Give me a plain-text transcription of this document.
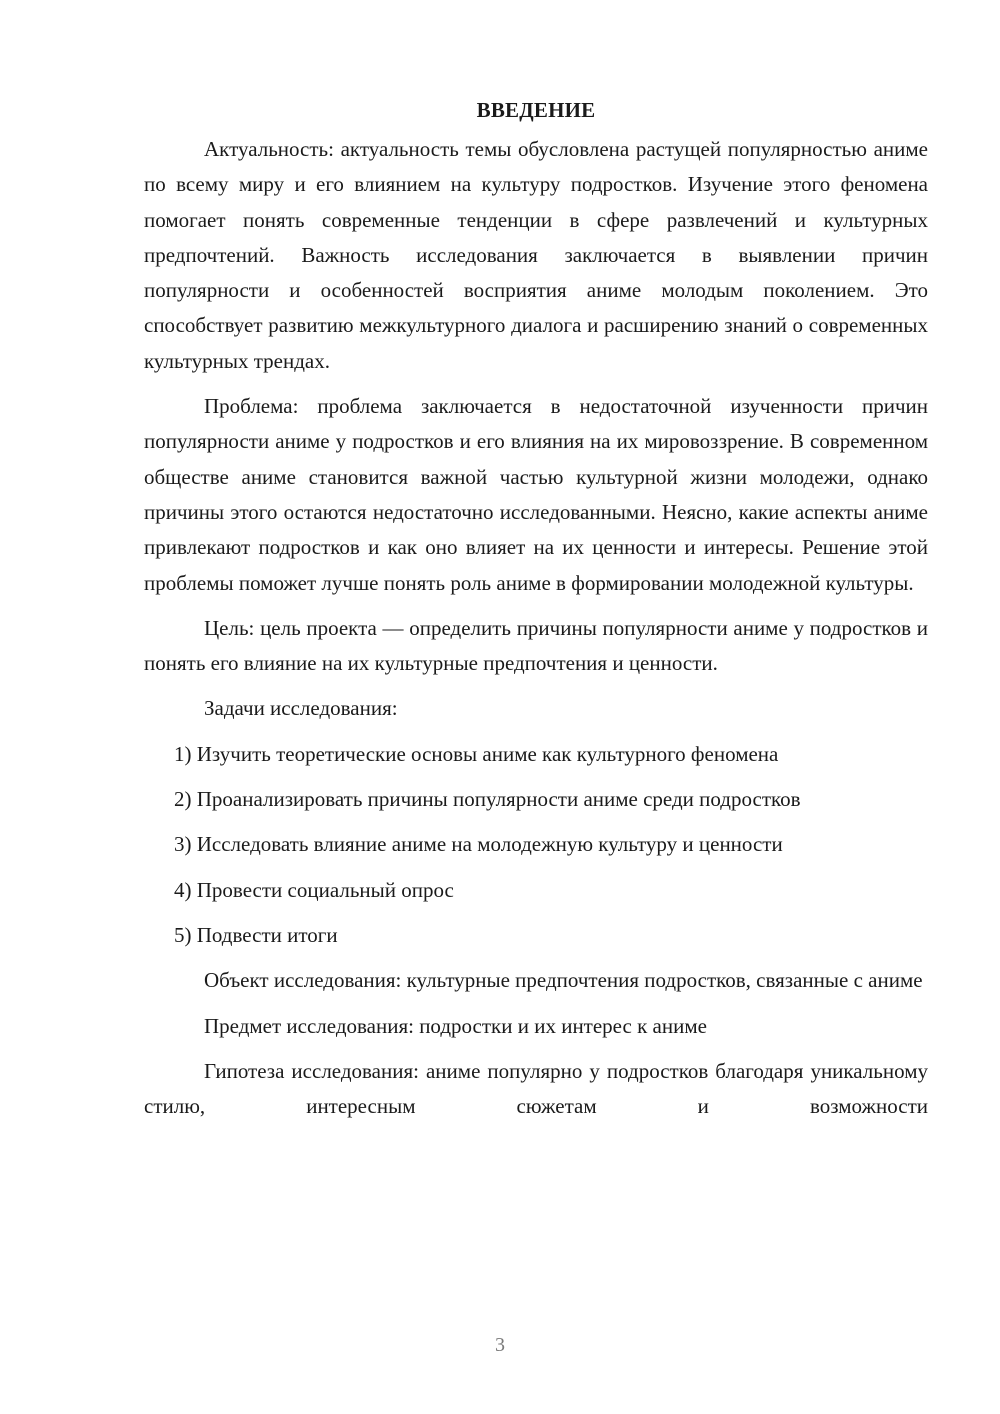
ВВЕДЕНИЕ

Актуальность: актуальность темы обусловлена растущей популярностью аниме по всему миру и его влиянием на культуру подростков. Изучение этого феномена помогает понять современные тенденции в сфере развлечений и культурных предпочтений. Важность исследования заключается в выявлении причин популярности и особенностей восприятия аниме молодым поколением. Это способствует развитию межкультурного диалога и расширению знаний о современных культурных трендах.

Проблема: проблема заключается в недостаточной изученности причин популярности аниме у подростков и его влияния на их мировоззрение. В современном обществе аниме становится важной частью культурной жизни молодежи, однако причины этого остаются недостаточно исследованными. Неясно, какие аспекты аниме привлекают подростков и как оно влияет на их ценности и интересы. Решение этой проблемы поможет лучше понять роль аниме в формировании молодежной культуры.

Цель: цель проекта — определить причины популярности аниме у подростков и понять его влияние на их культурные предпочтения и ценности.

Задачи исследования:

1) Изучить теоретические основы аниме как культурного феномена

2) Проанализировать причины популярности аниме среди подростков

3) Исследовать влияние аниме на молодежную культуру и ценности

4) Провести социальный опрос

5) Подвести итоги

Объект исследования: культурные предпочтения подростков, связанные с аниме

Предмет исследования: подростки и их интерес к аниме

Гипотеза исследования: аниме популярно у подростков благодаря уникальному стилю, интересным сюжетам и возможности

3
